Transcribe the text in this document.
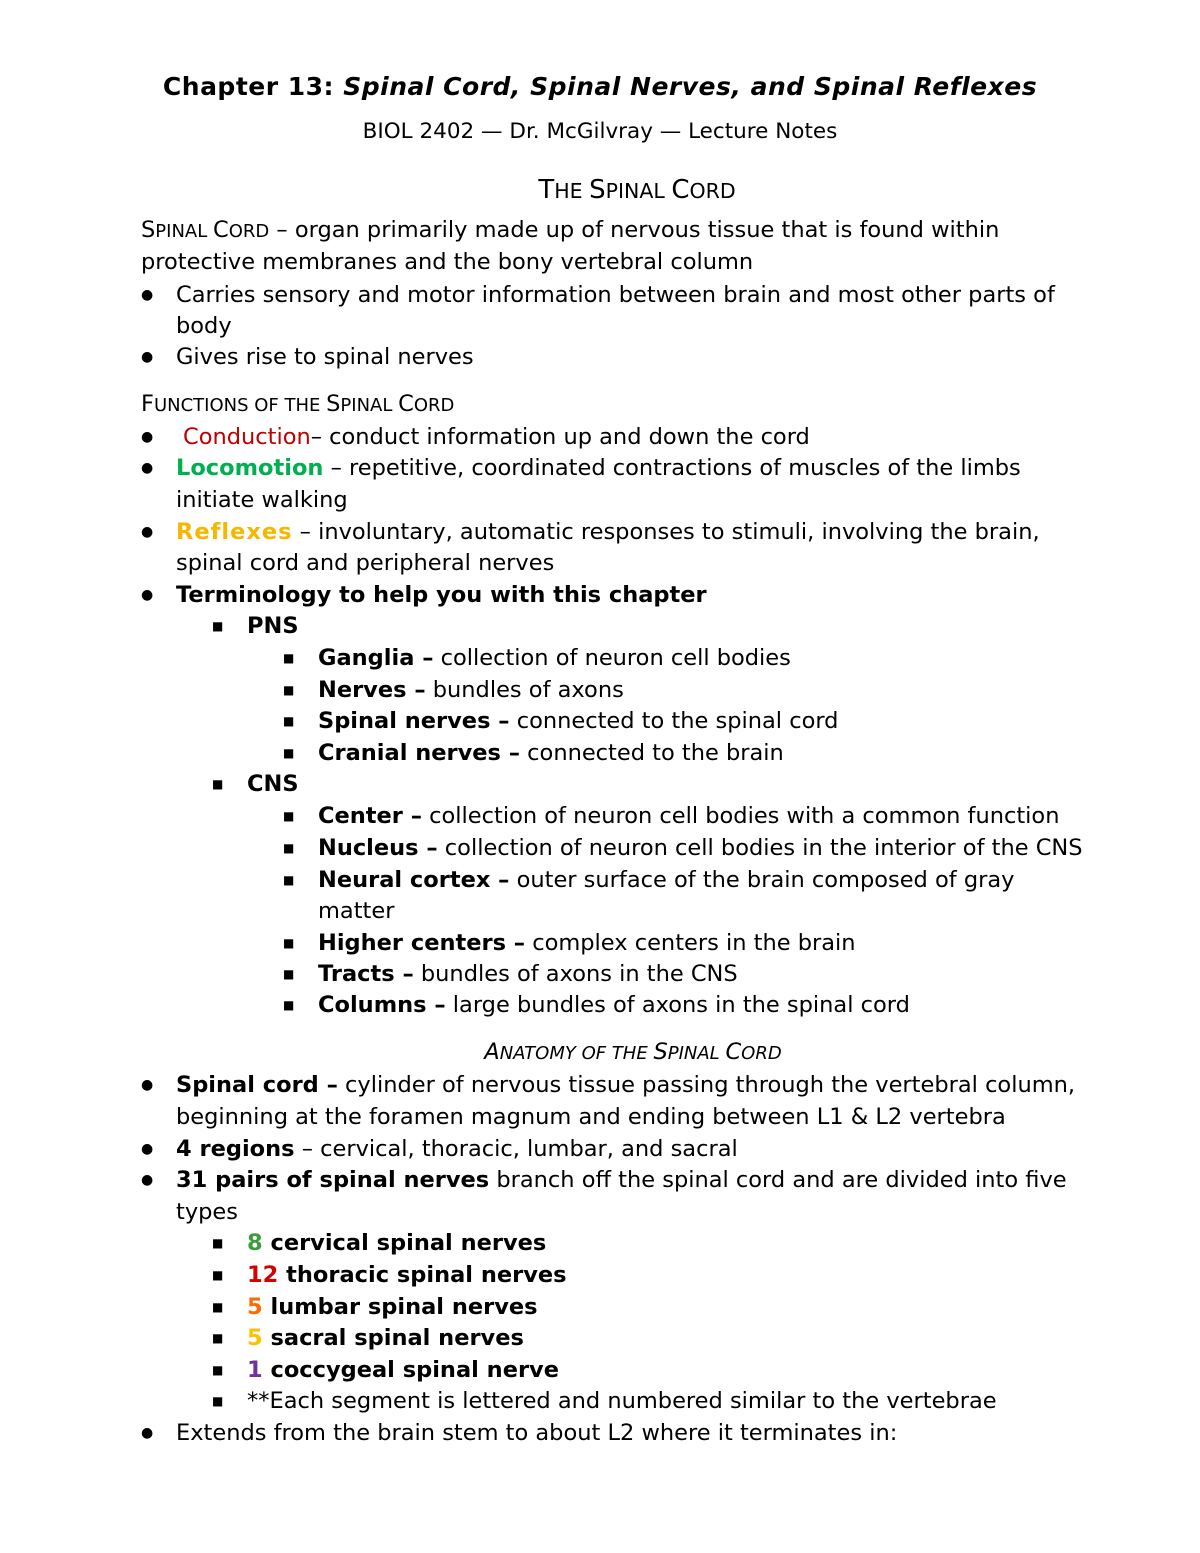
Chapter 13: Spinal Cord, Spinal Nerves, and Spinal Reflexes
BIOL 2402 — Dr. McGilvray — Lecture Notes
THE SPINAL CORD
SPINAL CORD – organ primarily made up of nervous tissue that is found within
protective membranes and the bony vertebral column
● Carries sensory and motor information between brain and most other parts of
body
● Gives rise to spinal nerves
FUNCTIONS OF THE SPINAL CORD
● Conduction– conduct information up and down the cord
● Locomotion – repetitive, coordinated contractions of muscles of the limbs
initiate walking
● Reflexes – involuntary, automatic responses to stimuli, involving the brain,
spinal cord and peripheral nerves
● Terminology to help you with this chapter
■ PNS
■ Ganglia – collection of neuron cell bodies
■ Nerves – bundles of axons
■ Spinal nerves – connected to the spinal cord
■ Cranial nerves – connected to the brain
■ CNS
■ Center – collection of neuron cell bodies with a common function
■ Nucleus – collection of neuron cell bodies in the interior of the CNS
■ Neural cortex – outer surface of the brain composed of gray
matter
■ Higher centers – complex centers in the brain
■ Tracts – bundles of axons in the CNS
■ Columns – large bundles of axons in the spinal cord
ANATOMY OF THE SPINAL CORD
● Spinal cord – cylinder of nervous tissue passing through the vertebral column,
beginning at the foramen magnum and ending between L1 & L2 vertebra
● 4 regions – cervical, thoracic, lumbar, and sacral
● 31 pairs of spinal nerves branch off the spinal cord and are divided into five
types
■ 8 cervical spinal nerves
■ 12 thoracic spinal nerves
■ 5 lumbar spinal nerves
■ 5 sacral spinal nerves
■ 1 coccygeal spinal nerve
■ **Each segment is lettered and numbered similar to the vertebrae
● Extends from the brain stem to about L2 where it terminates in:
